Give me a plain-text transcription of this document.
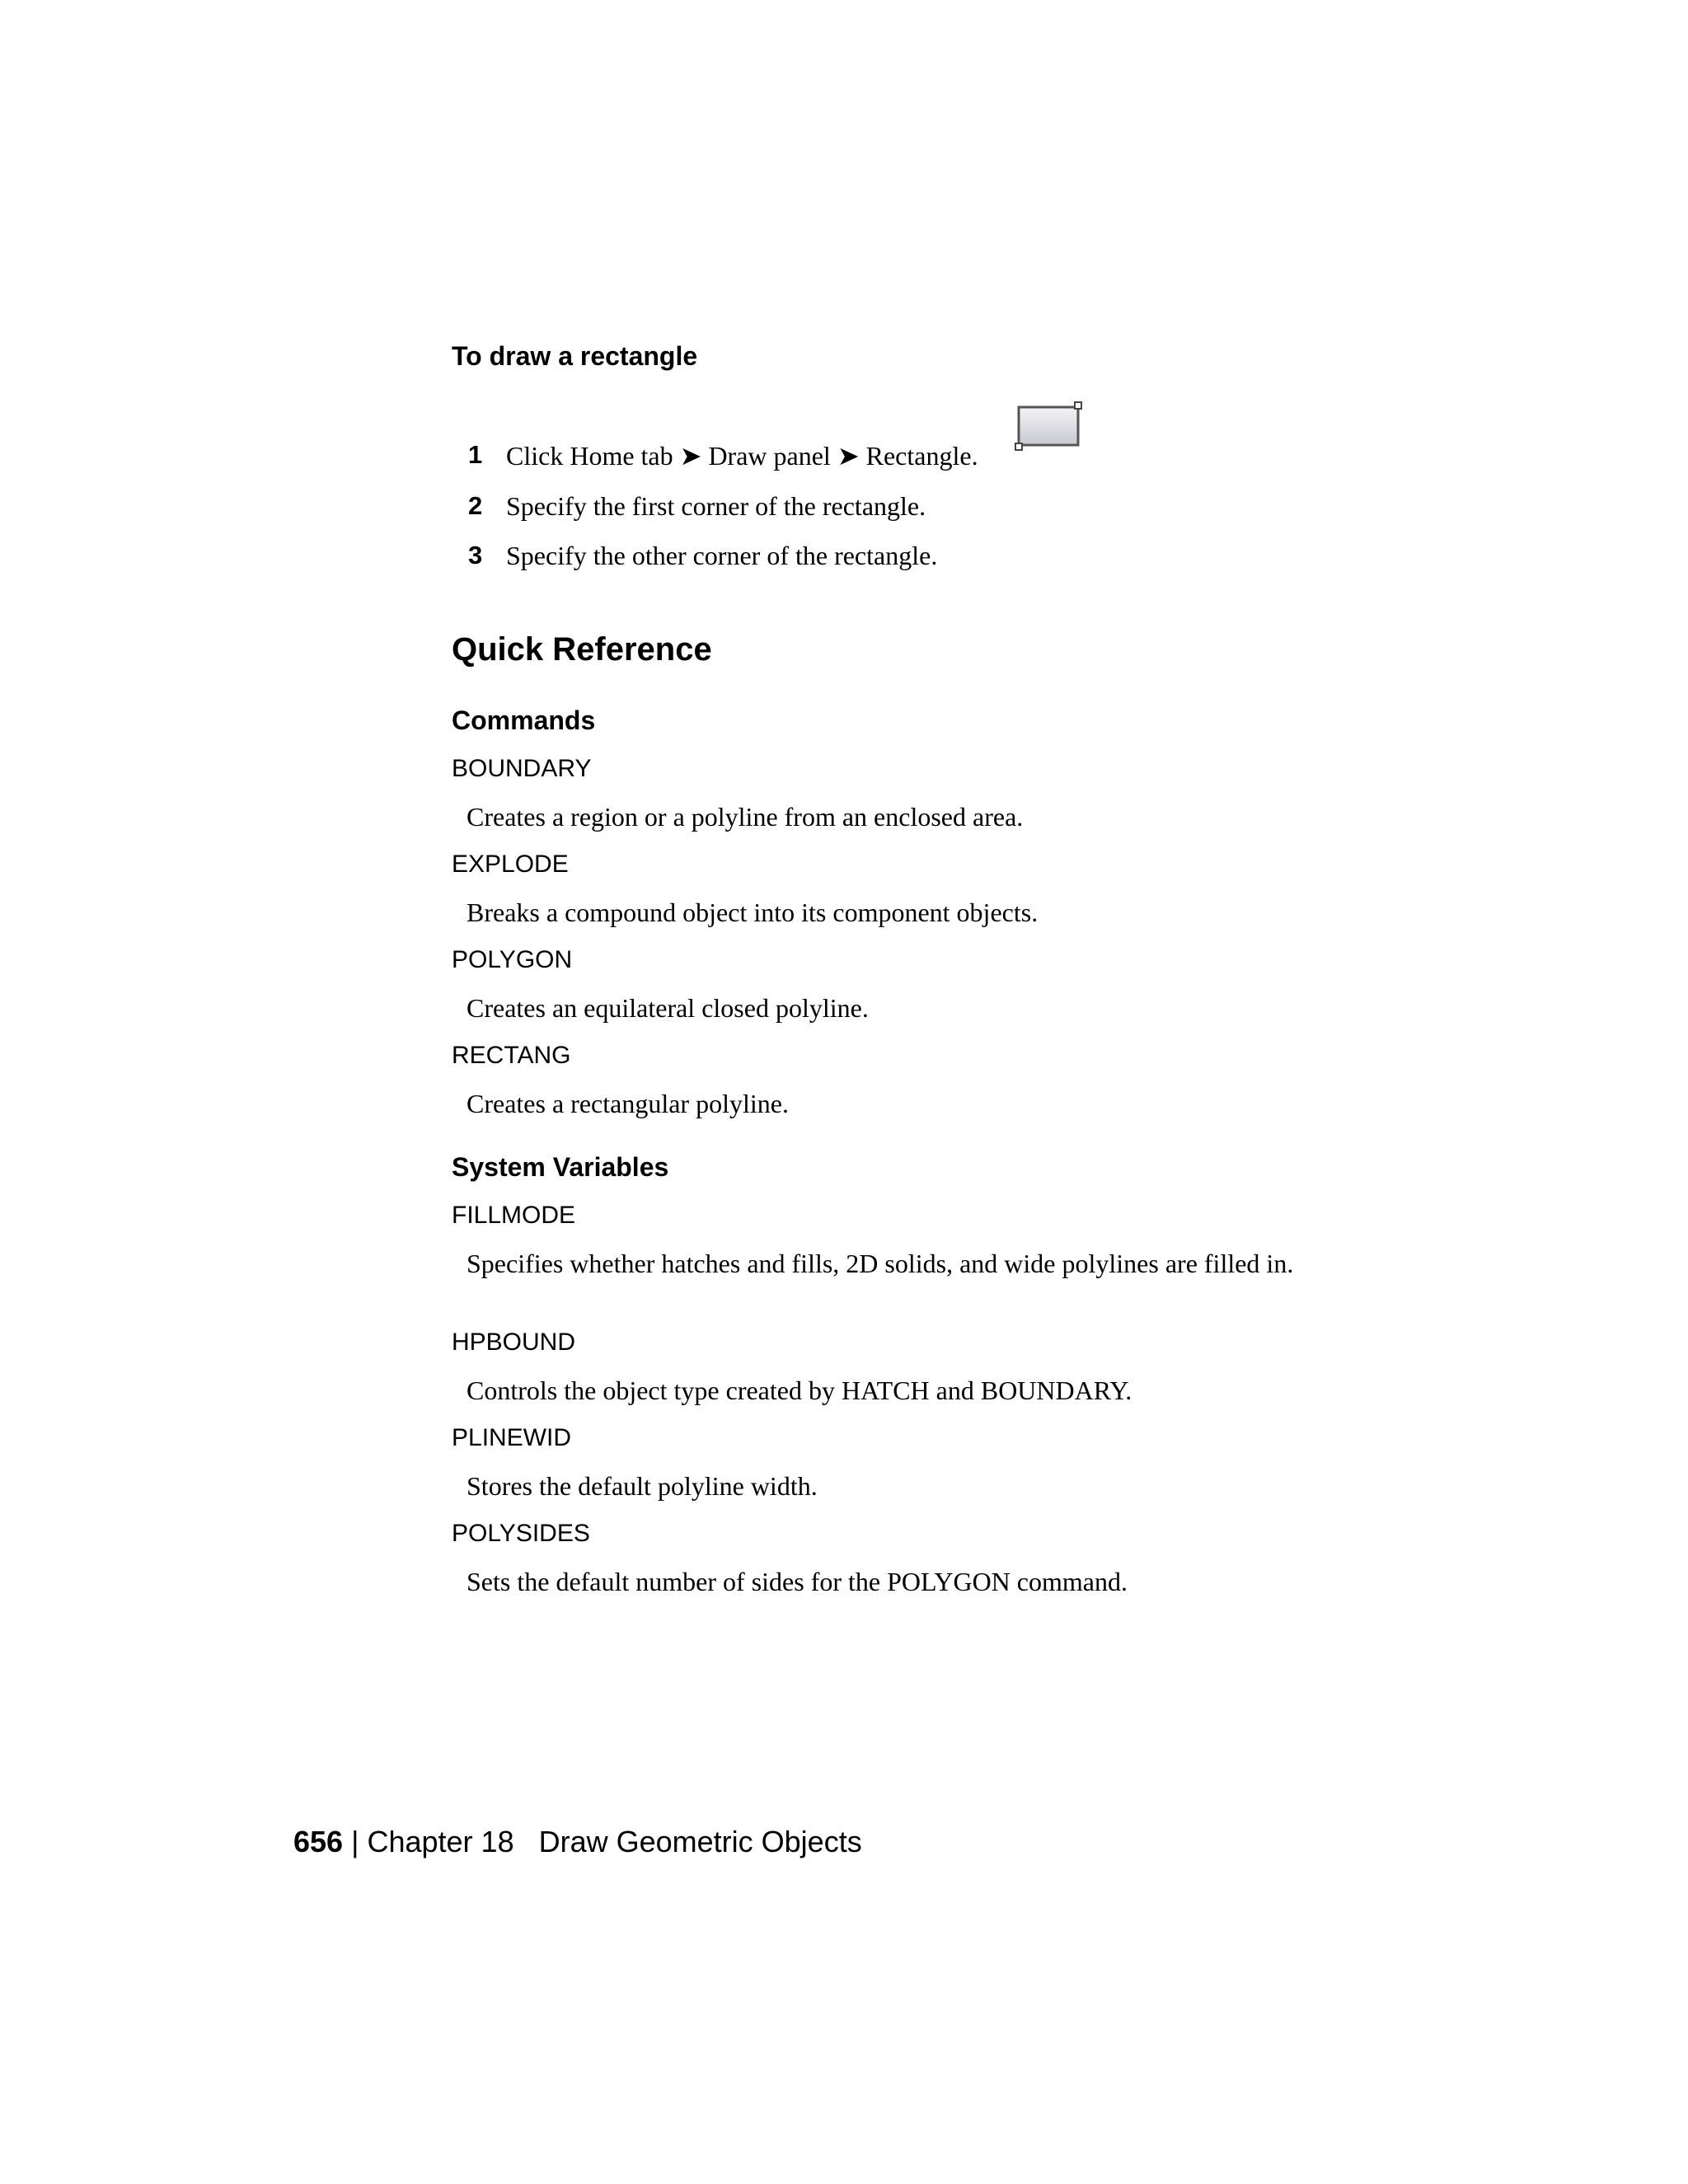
To draw a rectangle
1 Click Home tab ➤ Draw panel ➤ Rectangle.
2 Specify the first corner of the rectangle.
3 Specify the other corner of the rectangle.
Quick Reference
Commands
BOUNDARY
Creates a region or a polyline from an enclosed area.
EXPLODE
Breaks a compound object into its component objects.
POLYGON
Creates an equilateral closed polyline.
RECTANG
Creates a rectangular polyline.
System Variables
FILLMODE
Specifies whether hatches and fills, 2D solids, and wide polylines are filled in.
HPBOUND
Controls the object type created by HATCH and BOUNDARY.
PLINEWID
Stores the default polyline width.
POLYSIDES
Sets the default number of sides for the POLYGON command.
656 | Chapter 18 Draw Geometric Objects
